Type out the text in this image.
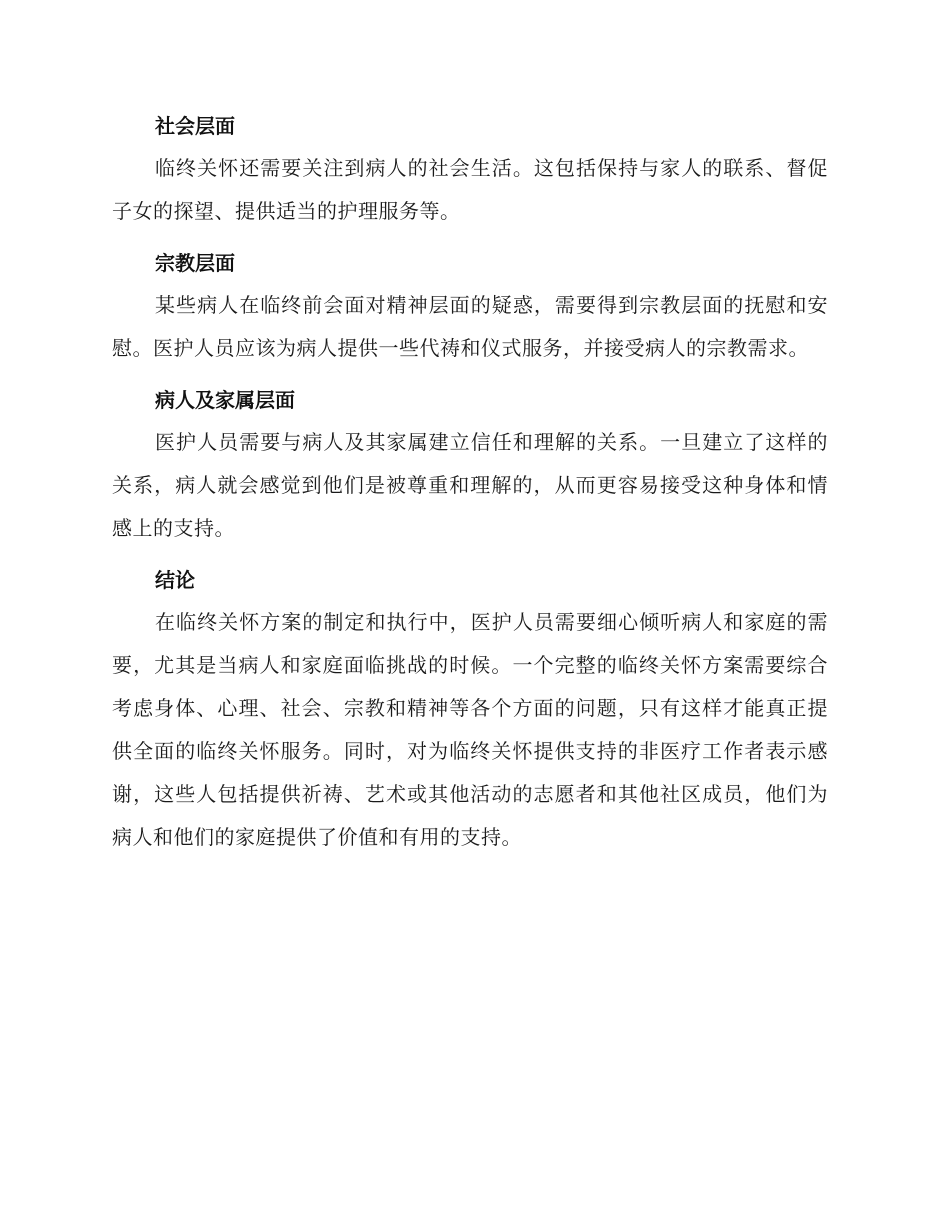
社会层面

临终关怀还需要关注到病人的社会生活。这包括保持与家人的联系、督促子女的探望、提供适当的护理服务等。

宗教层面

某些病人在临终前会面对精神层面的疑惑，需要得到宗教层面的抚慰和安慰。医护人员应该为病人提供一些代祷和仪式服务，并接受病人的宗教需求。

病人及家属层面

医护人员需要与病人及其家属建立信任和理解的关系。一旦建立了这样的关系，病人就会感觉到他们是被尊重和理解的，从而更容易接受这种身体和情感上的支持。

结论

在临终关怀方案的制定和执行中，医护人员需要细心倾听病人和家庭的需要，尤其是当病人和家庭面临挑战的时候。一个完整的临终关怀方案需要综合考虑身体、心理、社会、宗教和精神等各个方面的问题，只有这样才能真正提供全面的临终关怀服务。同时，对为临终关怀提供支持的非医疗工作者表示感谢，这些人包括提供祈祷、艺术或其他活动的志愿者和其他社区成员，他们为病人和他们的家庭提供了价值和有用的支持。
